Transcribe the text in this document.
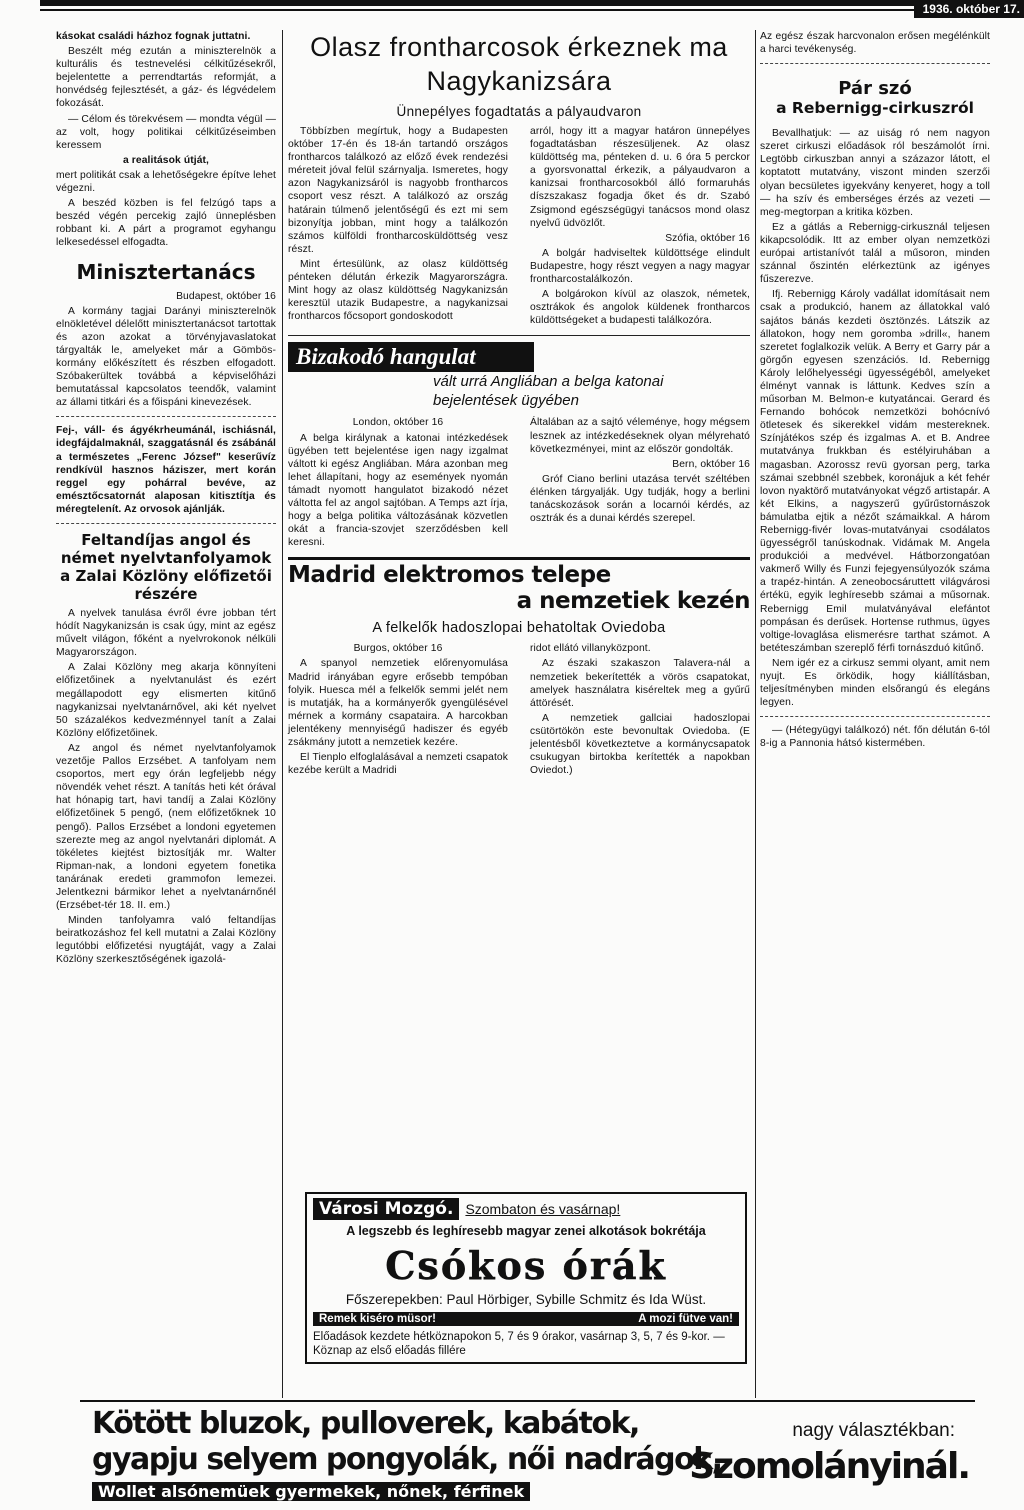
1936. október 17.

kásokat családi házhoz fognak juttatni.

Beszélt még ezután a miniszterelnök a kulturális és testnevelési célkitűzésekről, bejelentette a perrendtartás reformját, a honvédség fejlesztését, a gáz- és légvédelem fokozását.

— Célom és törekvésem — mondta végül — az volt, hogy politikai célkitűzéseimben keressem

a realitások útját,

mert politikát csak a lehetőségekre építve lehet végezni.

A beszéd közben is fel felzúgó taps a beszéd végén percekig zajló ünneplésben robbant ki. A párt a programot egyhangu lelkesedéssel elfogadta.

Minisztertanács

Budapest, október 16

A kormány tagjai Darányi miniszterelnök elnökletével délelőtt minisztertanácsot tartottak és azon azokat a törvényjavaslatokat tárgyalták le, amelyeket már a Gömbös-kormány előkészített és részben elfogadott. Szóbakerültek továbbá a képviselőházi bemutatással kapcsolatos teendők, valamint az állami titkári és a főispáni kinevezések.

Fej-, váll- és ágyékrheumánál, ischiásnál, idegfájdalmaknál, szaggatásnál és zsábánál a természetes „Ferenc József" keserűvíz rendkívül hasznos háziszer, mert korán reggel egy pohárral bevéve, az emésztőcsatornát alaposan kitisztítja és méregtelenít. Az orvosok ajánlják.

Feltandíjas angol és német nyelvtanfolyamok a Zalai Közlöny előfizetői részére

A nyelvek tanulása évről évre jobban tért hódít Nagykanizsán is csak úgy, mint az egész művelt világon, főként a nyelvrokonok nélküli Magyarországon.

A Zalai Közlöny meg akarja könnyíteni előfizetőinek a nyelvtanulást és ezért megállapodott egy elismerten kitűnő nagykanizsai nyelvtanárnővel, aki két nyelvet 50 százalékos kedvezménnyel tanít a Zalai Közlöny előfizetőinek.

Az angol és német nyelvtanfolyamok vezetője Pallos Erzsébet. A tanfolyam nem csoportos, mert egy órán legfeljebb négy növendék vehet részt. A tanítás heti két órával hat hónapig tart, havi tandíj a Zalai Közlöny előfizetőinek 5 pengő, (nem előfizetőknek 10 pengő). Pallos Erzsébet a londoni egyetemen szerezte meg az angol nyelvtanári diplomát. A tökéletes kiejtést biztosítják mr. Walter Ripman-nak, a londoni egyetem fonetika tanárának eredeti grammofon lemezei. Jelentkezni bármikor lehet a nyelvtanárnőnél (Erzsébet-tér 18. II. em.)

Minden tanfolyamra való feltandíjas beiratkozáshoz fel kell mutatni a Zalai Közlöny legutóbbi előfizetési nyugtáját, vagy a Zalai Közlöny szerkesztőségének igazolá-

Olasz frontharcosok érkeznek ma Nagykanizsára
Ünnepélyes fogadtatás a pályaudvaron

Többízben megírtuk, hogy a Budapesten október 17-én és 18-án tartandó országos frontharcos találkozó az előző évek rendezési méreteit jóval felül szárnyalja. Ismeretes, hogy azon Nagykanizsáról is nagyobb frontharcos csoport vesz részt. A találkozó az ország határain túlmenő jelentőségű és ezt mi sem bizonyítja jobban, mint hogy a találkozón számos külföldi frontharcosküldöttség vesz részt.

Mint értesülünk, az olasz küldöttség pénteken délután érkezik Magyarországra. Mint hogy az olasz küldöttség Nagykanizsán keresztül utazik Budapestre, a nagykanizsai frontharcos főcsoport gondoskodott

arról, hogy itt a magyar határon ünnepélyes fogadtatásban részesüljenek. Az olasz küldöttség ma, pénteken d. u. 6 óra 5 perckor a gyorsvonattal érkezik, a pályaudvaron a kanizsai frontharcosokból álló formaruhás díszszakasz fogadja őket és dr. Szabó Zsigmond egészségügyi tanácsos mond olasz nyelvű üdvözlőt.

Szófia, október 16

A bolgár hadviseltek küldöttsége elindult Budapestre, hogy részt vegyen a nagy magyar frontharcostalálkozón.

A bolgárokon kívül az olaszok, németek, osztrákok és angolok küldenek frontharcos küldöttségeket a budapesti találkozóra.

Bizakodó hangulat
vált urrá Angliában a belga katonai bejelentések ügyében

London, október 16

A belga királynak a katonai intézkedések ügyében tett bejelentése igen nagy izgalmat váltott ki egész Angliában. Mára azonban meg lehet állapítani, hogy az események nyomán támadt nyomott hangulatot bizakodó nézet váltotta fel az angol sajtóban. A Temps azt írja, hogy a belga politika változásának közvetlen okát a francia-szovjet szerződésben kell keresni.

Általában az a sajtó véleménye, hogy mégsem lesznek az intézkedéseknek olyan mélyreható következményei, mint az először gondolták.

Bern, október 16

Gróf Ciano berlini utazása tervét széltében élénken tárgyalják. Ugy tudják, hogy a berlini tanácskozások során a locarnói kérdés, az osztrák és a dunai kérdés szerepel.

Madrid elektromos telepe
a nemzetiek kezén
A felkelők hadoszlopai behatoltak Oviedoba

Burgos, október 16

A spanyol nemzetiek előrenyomulása Madrid irányában egyre erősebb tempóban folyik. Huesca mél a felkelők semmi jelét nem is mutatják, ha a kormányerők gyengülésével mérnek a kormány csapataira. A harcokban jelentékeny mennyiségű hadiszer és egyéb zsákmány jutott a nemzetiek kezére.

El Tienplo elfoglalásával a nemzeti csapatok kezébe került a Madridi

ridot ellátó villanyközpont.

Az északi szakaszon Talavera-nál a nemzetiek bekerítették a vörös csapatokat, amelyek használatra kiséreltek meg a gyűrű áttörését.

A nemzetiek gallciai hadoszlopai csütörtökön este bevonultak Oviedoba. (E jelentésből következtetve a kormánycsapatok csukugyan birtokba kerítették a napokban Oviedot.)

Városi Mozgó. Szombaton és vasárnap!
A legszebb és leghíresebb magyar zenei alkotások bokrétája
Csókos órák
Főszerepekben: Paul Hörbiger, Sybille Schmitz és Ida Wüst.
Remek kiséro müsor!	A mozi fütve van!
Előadások kezdete hétköznapokon 5, 7 és 9 órakor, vasárnap 3, 5, 7 és 9-kor. — Köznap az első előadás fillére

Az egész észak harcvonalon erősen megélénkült a harci tevékenység.

Pár szó
a Rebernigg-cirkuszról

Bevallhatjuk: — az uiság ró nem nagyon szeret cirkuszi előadások ról beszámolót írni. Legtöbb cirkuszban annyi a százazor látott, el koptatott mutatvány, viszont minden szerzői olyan becsületes igyekvány kenyeret, hogy a toll — ha szív és emberséges érzés az vezeti — meg-megtorpan a kritika közben.

Ez a gátlás a Rebernigg-cirkusznál teljesen kikapcsolódik. Itt az ember olyan nemzetközi európai artistanívót talál a műsoron, minden szánnal őszintén elérkeztünk az igényes fűszerezve.

Ifj. Rebernigg Károly vadállat idomításait nem csak a produkció, hanem az állatokkal való sajátos bánás kezdeti ösztönzés. Látszik az állatokon, hogy nem goromba »drill«, hanem szeretet foglalkozik velük. A Berry et Garry pár a görgőn egyesen szenzációs. Id. Rebernigg Károly lelőhelyességi ügyességébôl, amelyeket élményt vannak is láttunk. Kedves szín a műsorban M. Belmon-e kutyatáncai. Gerard és Fernando bohócok nemzetközi bohócnívó ötletesek és sikerekkel vidám mestereknek. Színjátékos szép és izgalmas A. et B. Andree mutatványa frukkban és estélyiruhában a magasban. Azorossz revü gyorsan perg, tarka számai szebbnél szebbek, koronájuk a két fehér lovon nyaktörő mutatványokat végző artistapár. A két Elkins, a nagyszerű gyűrűstornászok bámulatba ejtik a nézőt számaikkal. A három Rebernigg-fivér lovas-mutatványai csodálatos ügyességről tanúskodnak. Vidámak M. Angela produkciói a medvével. Hátborzongatóan vakmerő Willy és Funzi fejegyensúlyozók száma a trapéz-hintán. A zeneobocsáruttett világvárosi értékü, egyik leghíresebb számai a műsornak. Rebernigg Emil mulatványával elefántot pompásan és derűsek. Hortense ruthmus, ügyes voltige-lovaglása elismerésre tarthat számot. A betéteszámban szereplő férfi tornászduó kitűnő.

Nem igér ez a cirkusz semmi olyant, amit nem nyujt. Es örködik, hogy kiállításban, teljesítményben minden elsőrangú és elegáns legyen.

— (Hétegyügyi találkozó) nét. főn délután 6-tól 8-ig a Pannonia hátsó kistermében.

Kötött bluzok, pulloverek, kabátok,
gyapju selyem pongyolák, női nadrágok,
Wollet alsónemüek gyermekek, nőnek, férfinek
nagy választékban:
Szomolányinál.
